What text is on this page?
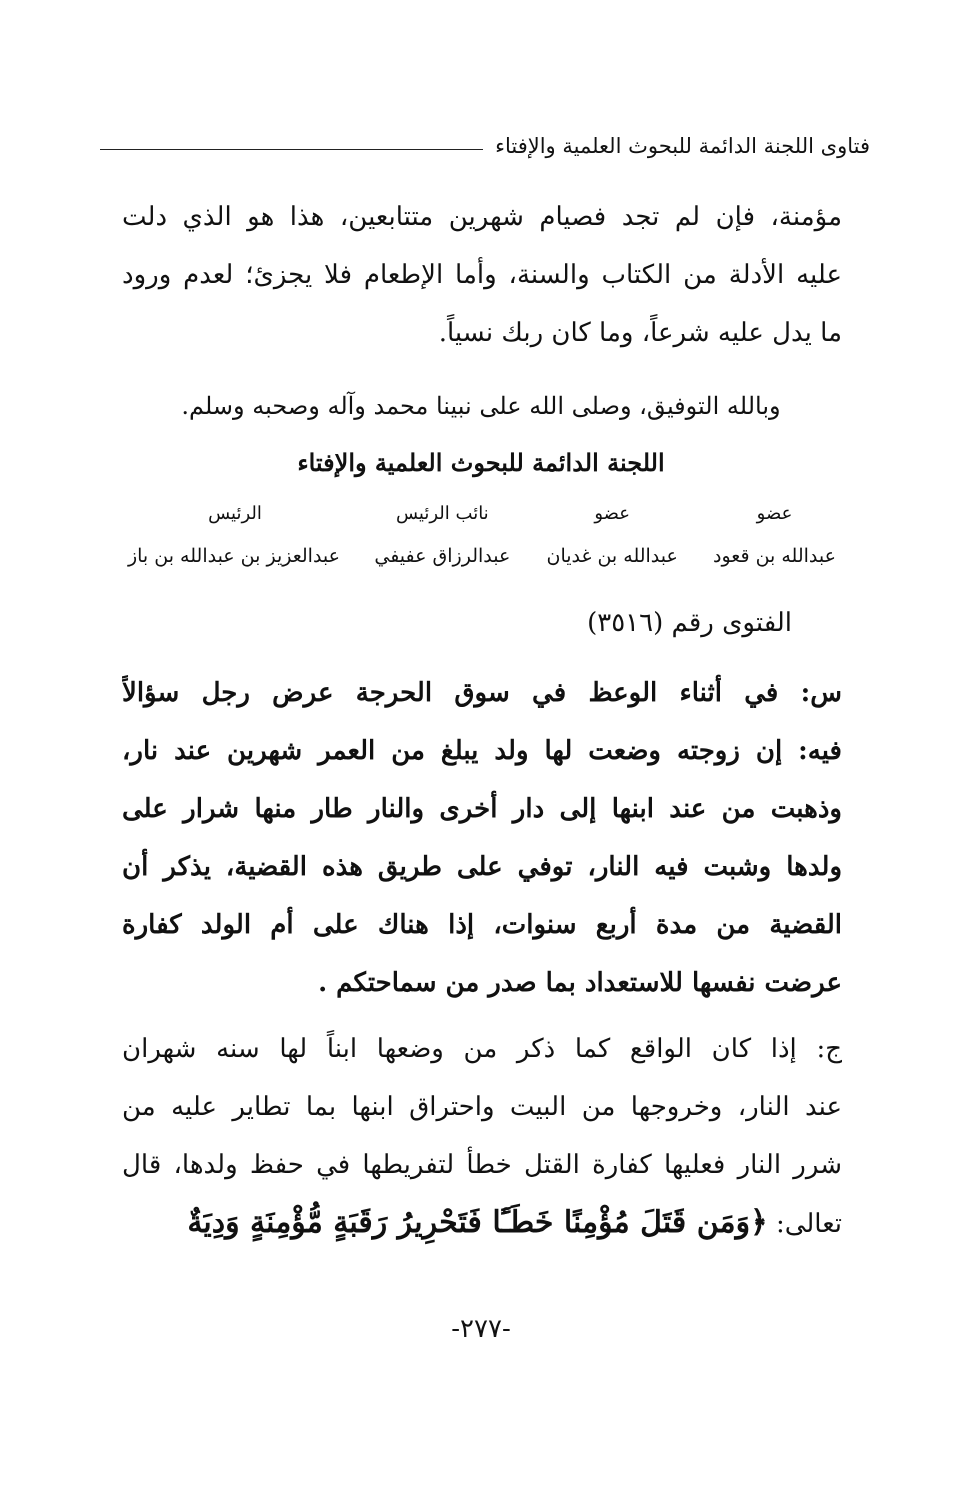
فتاوى اللجنة الدائمة للبحوث العلمية والإفتاء
مؤمنة، فإن لم تجد فصيام شهرين متتابعين، هذا هو الذي دلت
عليه الأدلة من الكتاب والسنة، وأما الإطعام فلا يجزئ؛ لعدم ورود
ما يدل عليه شرعاً، وما كان ربك نسياً.
وبالله التوفيق، وصلى الله على نبينا محمد وآله وصحبه وسلم.
اللجنة الدائمة للبحوث العلمية والإفتاء
عضو
عضو
نائب الرئيس
الرئيس
عبدالله بن قعود
عبدالله بن غديان
عبدالرزاق عفيفي
عبدالعزيز بن عبدالله بن باز
الفتوى رقم (٣٥١٦)
س: في أثناء الوعظ في سوق الحرجة عرض رجل سؤالاً
فيه: إن زوجته وضعت لها ولد يبلغ من العمر شهرين عند نار،
وذهبت من عند ابنها إلى دار أخرى والنار طار منها شرار على
ولدها وشبت فيه النار، توفي على طريق هذه القضية، يذكر أن
القضية من مدة أربع سنوات، إذا هناك على أم الولد كفارة
عرضت نفسها للاستعداد بما صدر من سماحتكم .
ج: إذا كان الواقع كما ذكر من وضعها ابناً لها سنه شهران
عند النار، وخروجها من البيت واحتراق ابنها بما تطاير عليه من
شرر النار فعليها كفارة القتل خطأ لتفريطها في حفظ ولدها، قال
تعالى: ﴿وَمَن قَتَلَ مُؤْمِنًا خَطَـًٔا فَتَحْرِيرُ رَقَبَةٍ مُّؤْمِنَةٍ وَدِيَةٌ
-٢٧٧-
